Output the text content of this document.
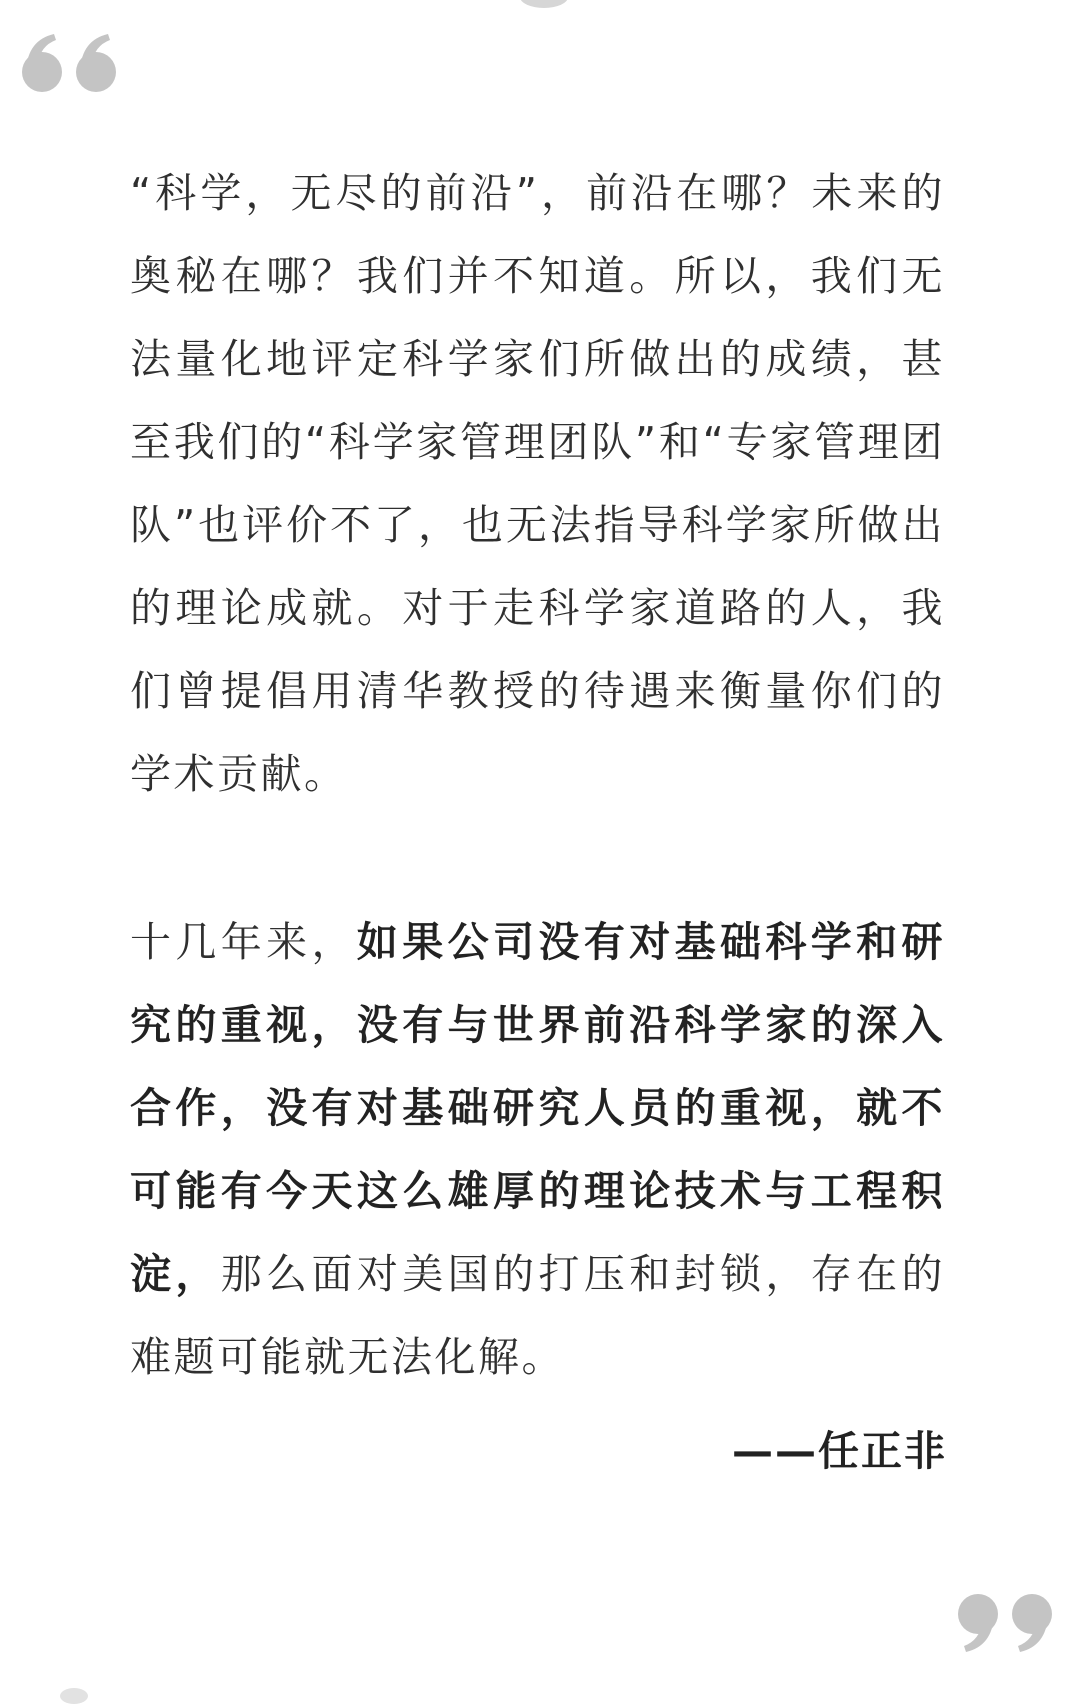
“科学，无尽的前沿”，前沿在哪？未来的奥秘在哪？我们并不知道。所以，我们无法量化地评定科学家们所做出的成绩，甚至我们的“科学家管理团队”和“专家管理团队”也评价不了，也无法指导科学家所做出的理论成就。对于走科学家道路的人，我们曾提倡用清华教授的待遇来衡量你们的学术贡献。

十几年来，如果公司没有对基础科学和研究的重视，没有与世界前沿科学家的深入合作，没有对基础研究人员的重视，就不可能有今天这么雄厚的理论技术与工程积淀，那么面对美国的打压和封锁，存在的难题可能就无法化解。

——任正非
